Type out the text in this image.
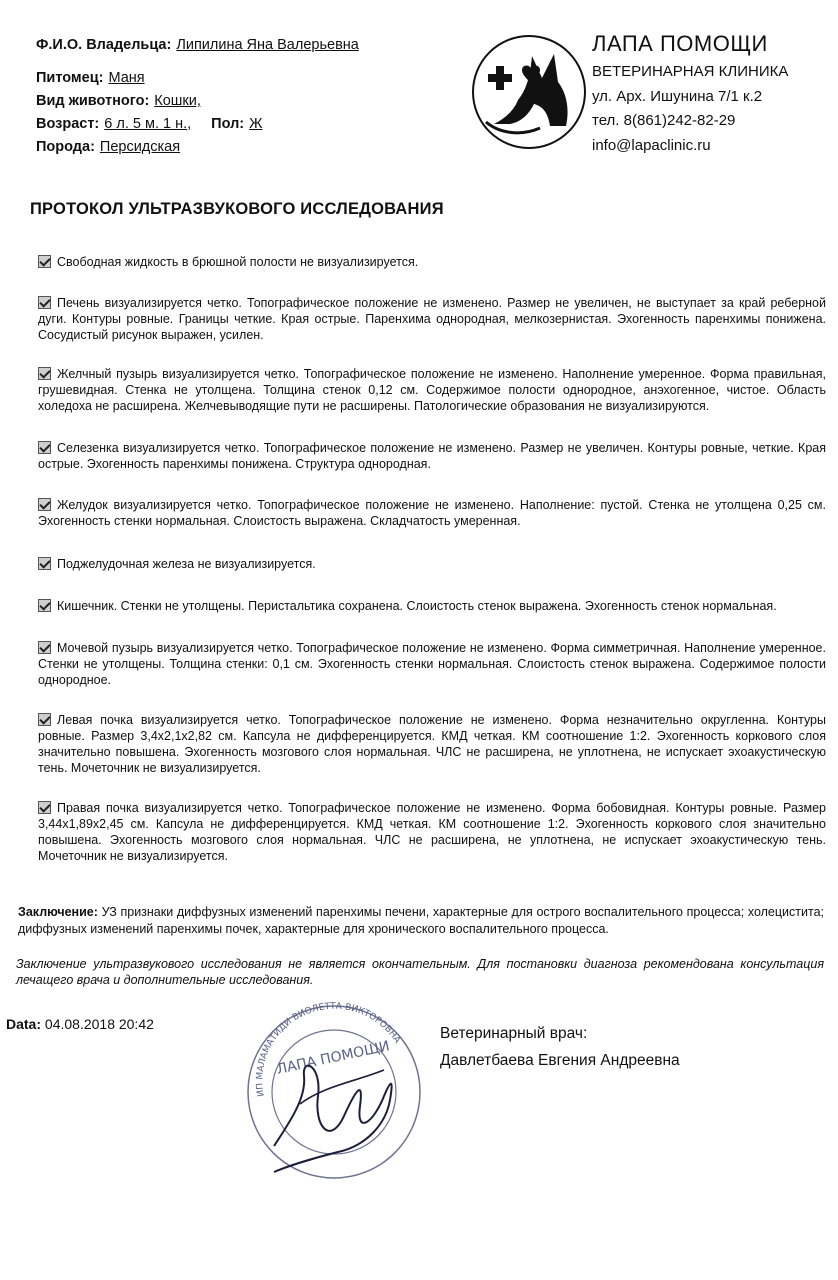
Ф.И.О. Владельца: Липилина Яна Валерьевна
Питомец: Маня
Вид животного: Кошки,
Возраст: 6 л. 5 м. 1 н., Пол: Ж
Порода: Персидская
ЛАПА ПОМОЩИ
ВЕТЕРИНАРНАЯ КЛИНИКА
ул. Арх. Ишунина 7/1 к.2
тел. 8(861)242-82-29
info@lapaclinic.ru
ПРОТОКОЛ УЛЬТРАЗВУКОВОГО ИССЛЕДОВАНИЯ
Свободная жидкость в брюшной полости не визуализируется.
Печень визуализируется четко. Топографическое положение не изменено. Размер не увеличен, не выступает за край реберной дуги. Контуры ровные. Границы четкие. Края острые. Паренхима однородная, мелкозернистая. Эхогенность паренхимы понижена. Сосудистый рисунок выражен, усилен.
Желчный пузырь визуализируется четко. Топографическое положение не изменено. Наполнение умеренное. Форма правильная, грушевидная. Стенка не утолщена. Толщина стенок 0,12 см. Содержимое полости однородное, анэхогенное, чистое. Область холедоха не расширена. Желчевыводящие пути не расширены. Патологические образования не визуализируются.
Селезенка визуализируется четко. Топографическое положение не изменено. Размер не увеличен. Контуры ровные, четкие. Края острые. Эхогенность паренхимы понижена. Структура однородная.
Желудок визуализируется четко. Топографическое положение не изменено. Наполнение: пустой. Стенка не утолщена 0,25 см. Эхогенность стенки нормальная. Слоистость выражена. Складчатость умеренная.
Поджелудочная железа не визуализируется.
Кишечник. Стенки не утолщены. Перистальтика сохранена. Слоистость стенок выражена. Эхогенность стенок нормальная.
Мочевой пузырь визуализируется четко. Топографическое положение не изменено. Форма симметричная. Наполнение умеренное. Стенки не утолщены. Толщина стенки: 0,1 см. Эхогенность стенки нормальная. Слоистость стенок выражена. Содержимое полости однородное.
Левая почка визуализируется четко. Топографическое положение не изменено. Форма незначительно округленна. Контуры ровные. Размер 3,4x2,1x2,82 см. Капсула не дифференцируется. КМД четкая. КМ соотношение 1:2. Эхогенность коркового слоя значительно повышена. Эхогенность мозгового слоя нормальная. ЧЛС не расширена, не уплотнена, не испускает эхоакустическую тень. Мочеточник не визуализируется.
Правая почка визуализируется четко. Топографическое положение не изменено. Форма бобовидная. Контуры ровные. Размер 3,44x1,89x2,45 см. Капсула не дифференцируется. КМД четкая. КМ соотношение 1:2. Эхогенность коркового слоя значительно повышена. Эхогенность мозгового слоя нормальная. ЧЛС не расширена, не уплотнена, не испускает эхоакустическую тень. Мочеточник не визуализируется.
Заключение: УЗ признаки диффузных изменений паренхимы печени, характерные для острого воспалительного процесса; холецистита; диффузных изменений паренхимы почек, характерные для хронического воспалительного процесса.
Заключение ультразвукового исследования не является окончательным. Для постановки диагноза рекомендована консультация лечащего врача и дополнительные исследования.
Data: 04.08.2018 20:42
ИП МАЛАМАТИДИ ВИОЛЕТТА ВИКТОРОВНА
ЛАПА ПОМОЩИ
Ветеринарный врач:
Давлетбаева Евгения Андреевна
